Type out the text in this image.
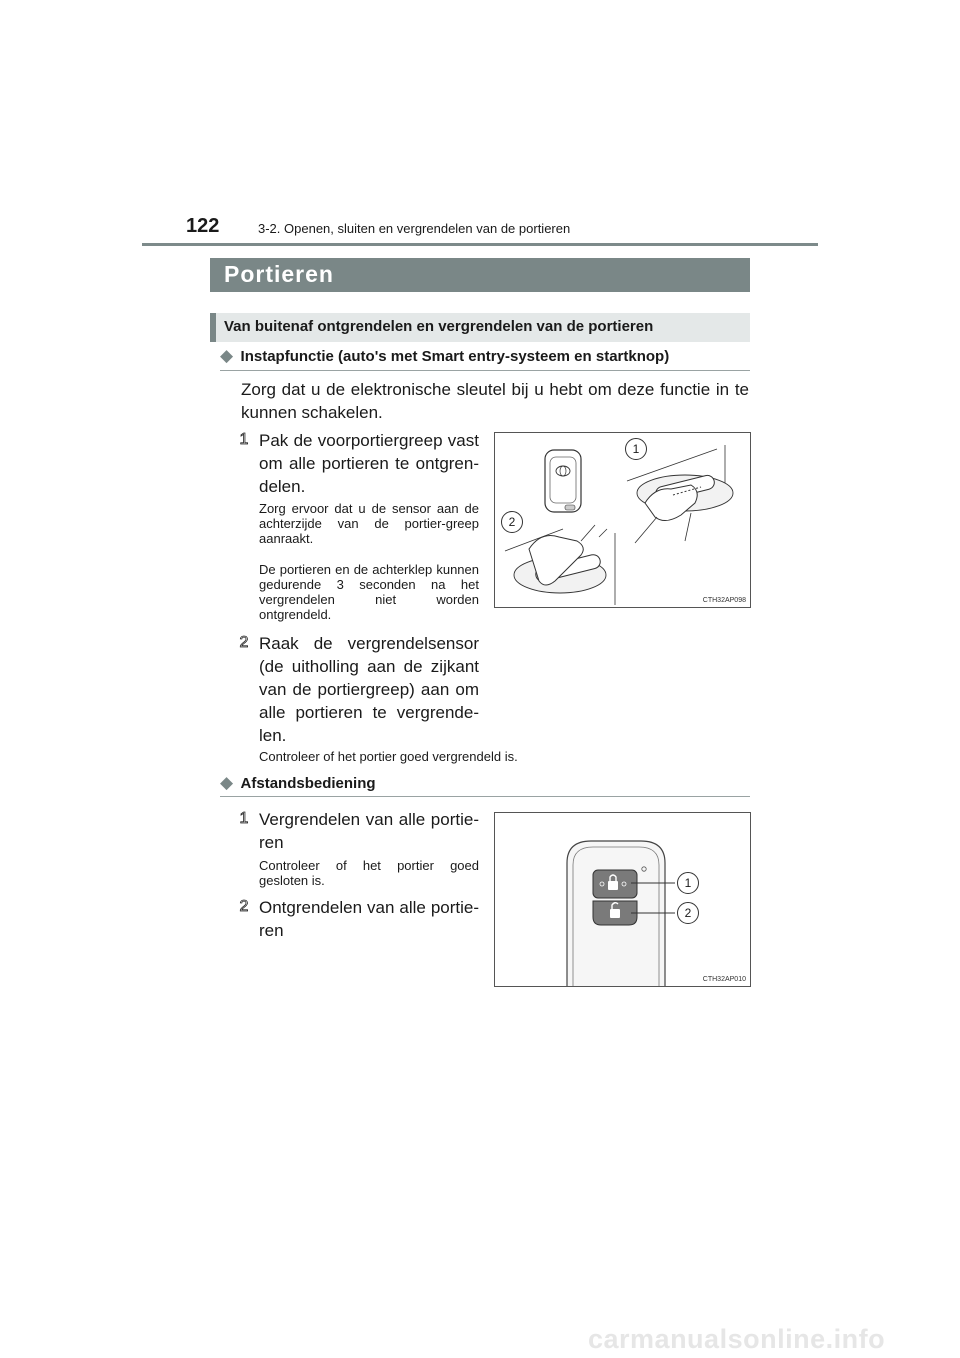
122	3-2. Openen, sluiten en vergrendelen van de portieren
Portieren
Van buitenaf ontgrendelen en vergrendelen van de portieren
◆ Instapfunctie (auto's met Smart entry-systeem en startknop)
Zorg dat u de elektronische sleutel bij u hebt om deze functie in te kunnen schakelen.
1 Pak de voorportiergreep vast om alle portieren te ontgren-delen.
Zorg ervoor dat u de sensor aan de achterzijde van de portier-greep aanraakt.
De portieren en de achterklep kunnen gedurende 3 seconden na het vergrendelen niet worden ontgrendeld.
2 Raak de vergrendelsensor (de uitholling aan de zijkant van de portiergreep) aan om alle portieren te vergrende-len.
Controleer of het portier goed vergrendeld is.
1
2
CTH32AP098
◆ Afstandsbediening
1 Vergrendelen van alle portie-ren
Controleer of het portier goed gesloten is.
2 Ontgrendelen van alle portie-ren
1
2
CTH32AP010
carmanualsonline.info
